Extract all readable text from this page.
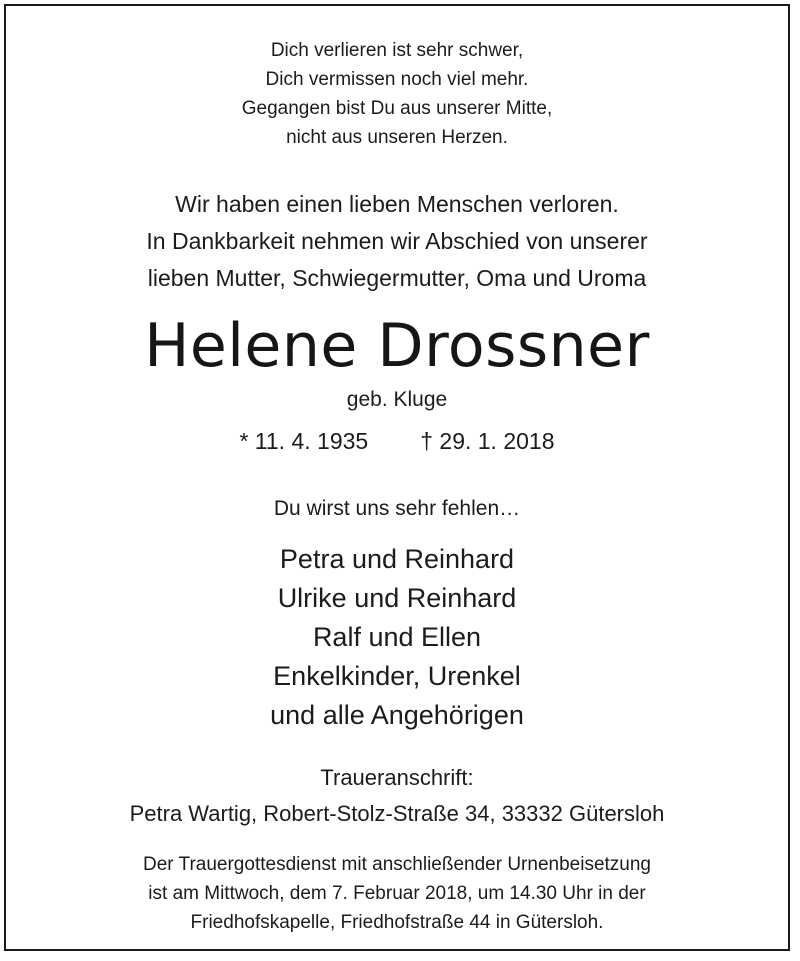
Dich verlieren ist sehr schwer,
Dich vermissen noch viel mehr.
Gegangen bist Du aus unserer Mitte,
nicht aus unseren Herzen.
Wir haben einen lieben Menschen verloren.
In Dankbarkeit nehmen wir Abschied von unserer
lieben Mutter, Schwiegermutter, Oma und Uroma
Helene Drossner
geb. Kluge
* 11. 4. 1935 † 29. 1. 2018
Du wirst uns sehr fehlen…
Petra und Reinhard
Ulrike und Reinhard
Ralf und Ellen
Enkelkinder, Urenkel
und alle Angehörigen
Traueranschrift:
Petra Wartig, Robert-Stolz-Straße 34, 33332 Gütersloh
Der Trauergottesdienst mit anschließender Urnenbeisetzung
ist am Mittwoch, dem 7. Februar 2018, um 14.30 Uhr in der
Friedhofskapelle, Friedhofstraße 44 in Gütersloh.
